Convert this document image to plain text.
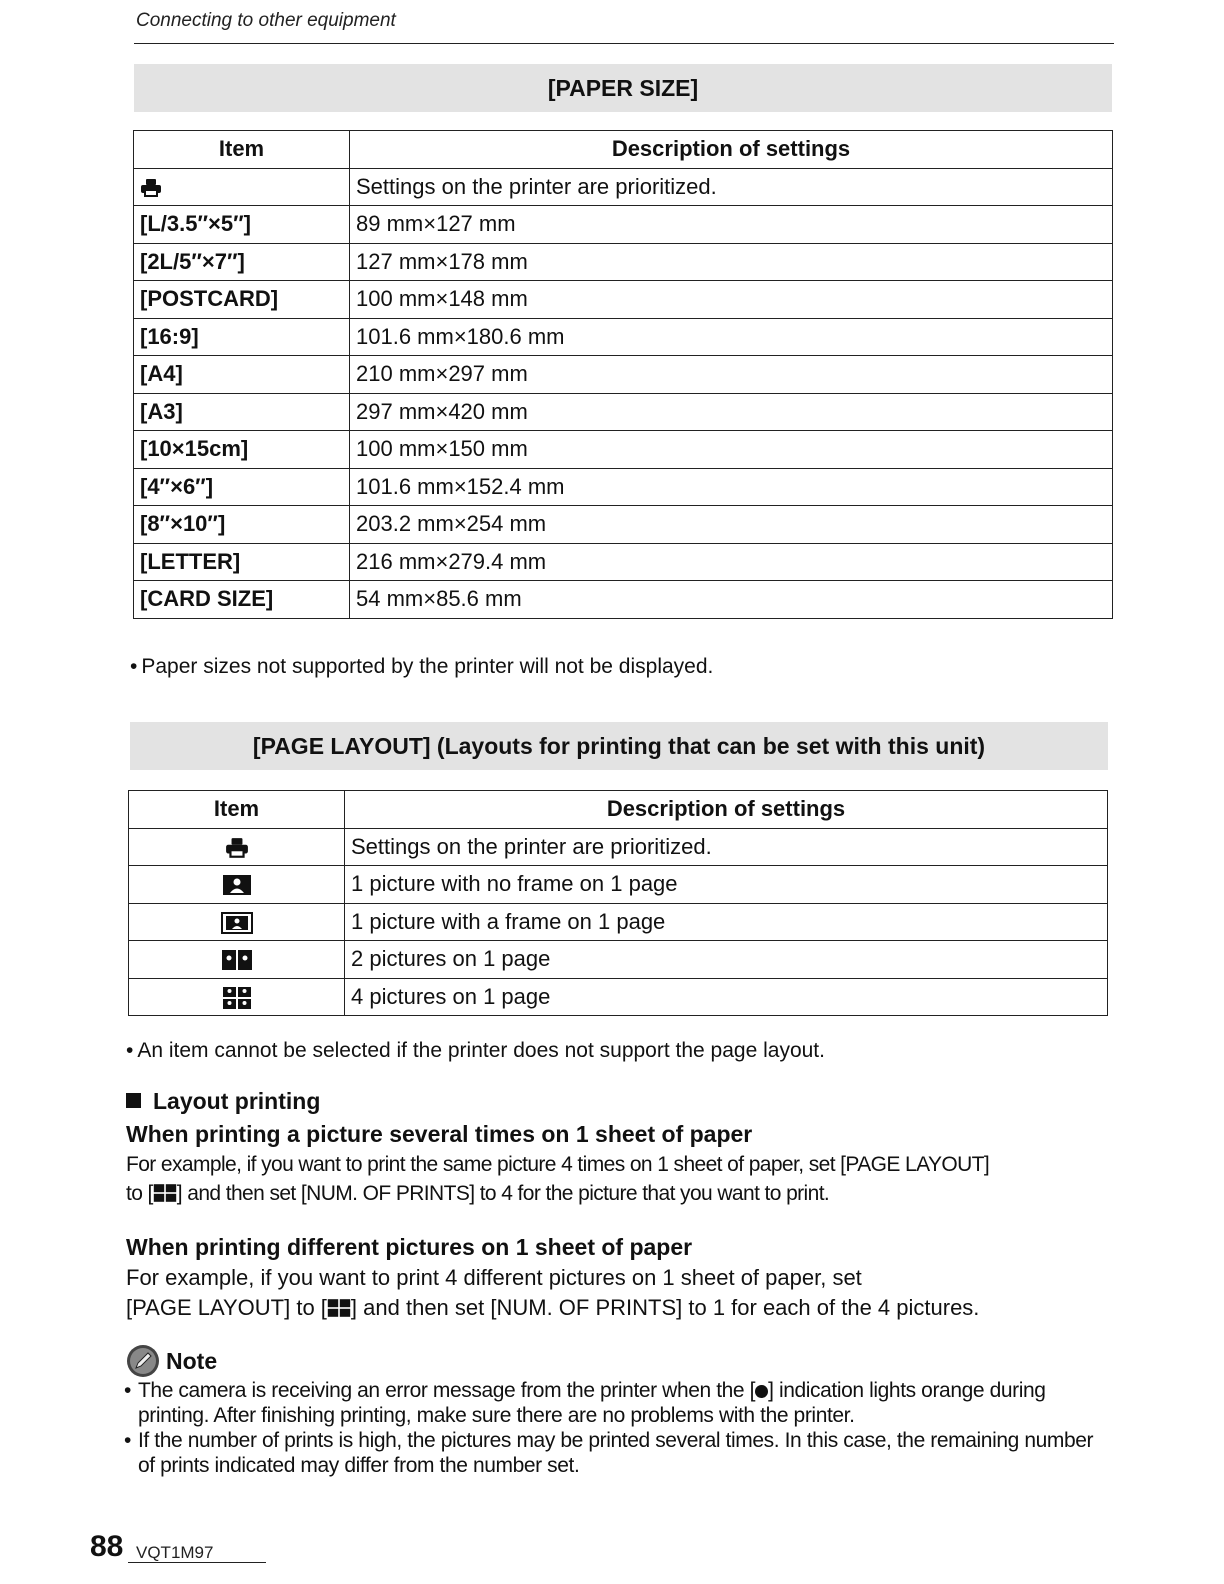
Connecting to other equipment
[PAPER SIZE]
Item	Description of settings
	Settings on the printer are prioritized.
[L/3.5″×5″]	89 mm×127 mm
[2L/5″×7″]	127 mm×178 mm
[POSTCARD]	100 mm×148 mm
[16:9]	101.6 mm×180.6 mm
[A4]	210 mm×297 mm
[A3]	297 mm×420 mm
[10×15cm]	100 mm×150 mm
[4″×6″]	101.6 mm×152.4 mm
[8″×10″]	203.2 mm×254 mm
[LETTER]	216 mm×279.4 mm
[CARD SIZE]	54 mm×85.6 mm
• Paper sizes not supported by the printer will not be displayed.
[PAGE LAYOUT] (Layouts for printing that can be set with this unit)
Item	Description of settings
	Settings on the printer are prioritized.
	1 picture with no frame on 1 page
	1 picture with a frame on 1 page
	2 pictures on 1 page
	4 pictures on 1 page
• An item cannot be selected if the printer does not support the page layout.
Layout printing
When printing a picture several times on 1 sheet of paper
For example, if you want to print the same picture 4 times on 1 sheet of paper, set [PAGE LAYOUT]
to [ ] and then set [NUM. OF PRINTS] to 4 for the picture that you want to print.
When printing different pictures on 1 sheet of paper
For example, if you want to print 4 different pictures on 1 sheet of paper, set
[PAGE LAYOUT] to [ ] and then set [NUM. OF PRINTS] to 1 for each of the 4 pictures.
Note
• The camera is receiving an error message from the printer when the [ ] indication lights orange during printing. After finishing printing, make sure there are no problems with the printer.
• If the number of prints is high, the pictures may be printed several times. In this case, the remaining number of prints indicated may differ from the number set.
88 VQT1M97
